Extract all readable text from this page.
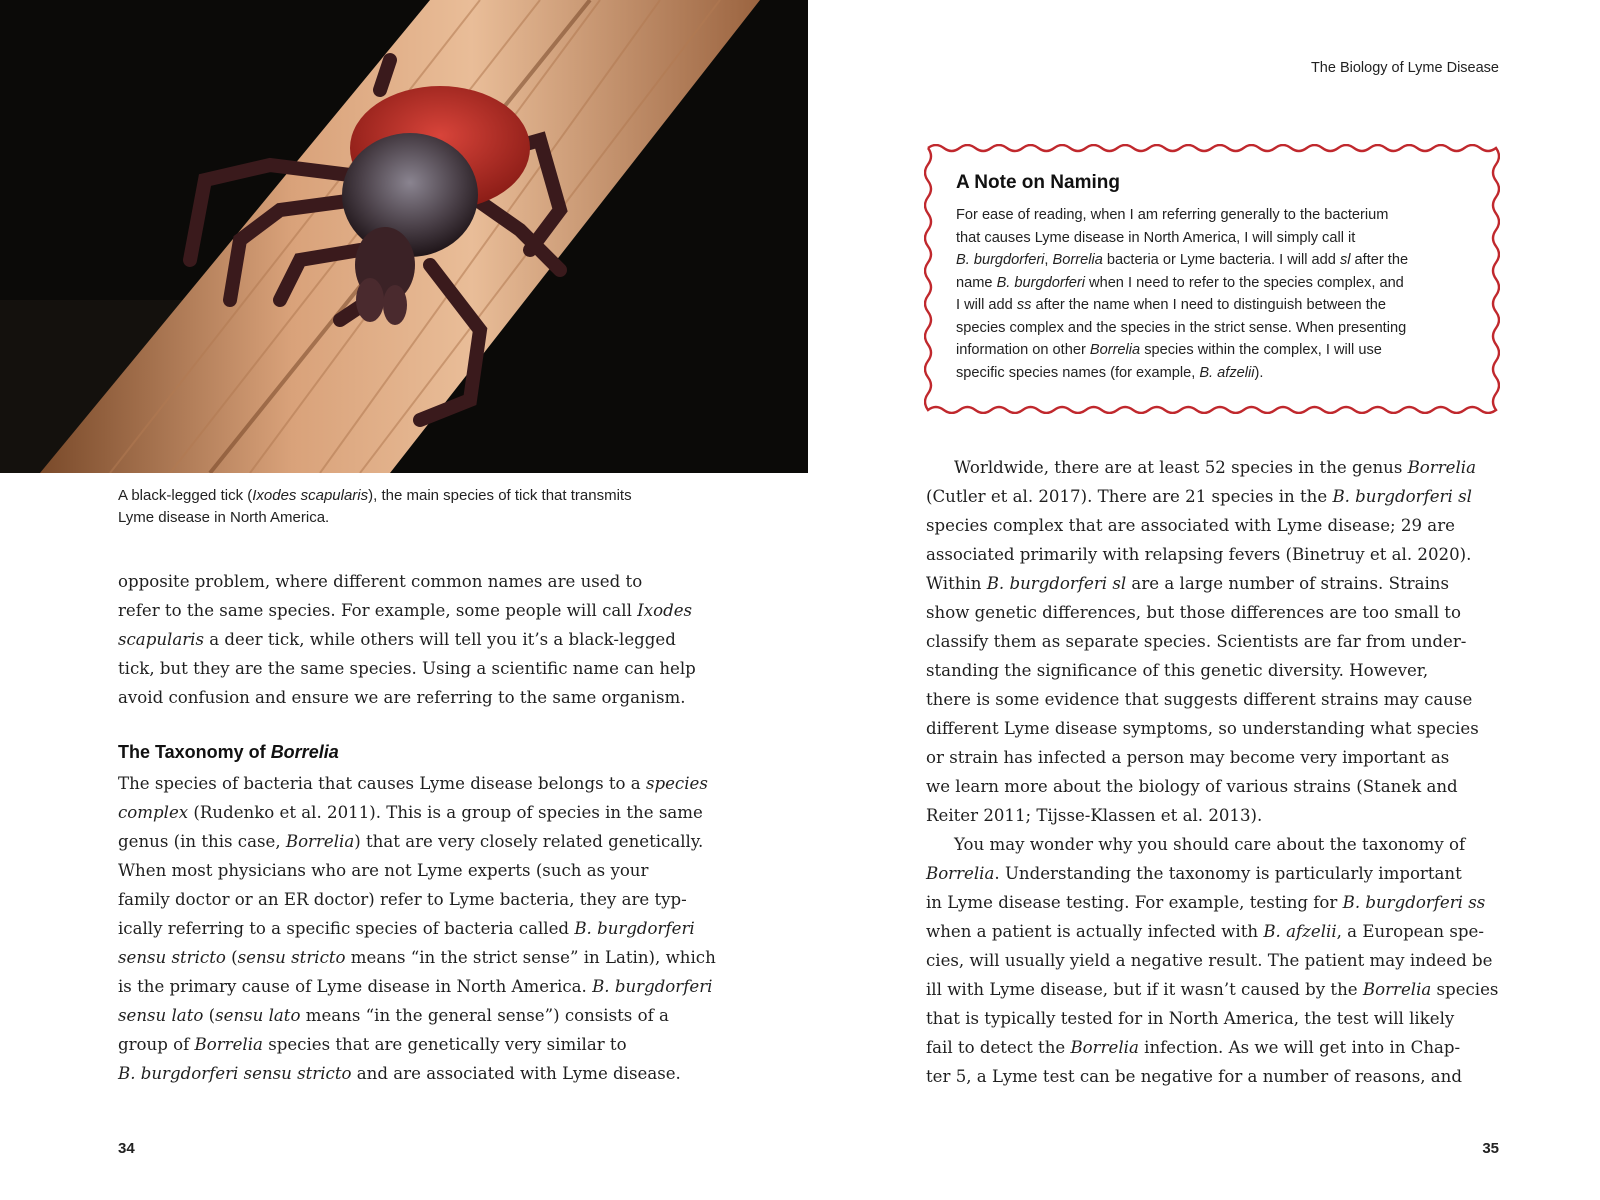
A black-legged tick (Ixodes scapularis), the main species of tick that transmits
Lyme disease in North America.
opposite problem, where different common names are used to
refer to the same species. For example, some people will call Ixodes
scapularis a deer tick, while others will tell you it’s a black-legged
tick, but they are the same species. Using a scientific name can help
avoid confusion and ensure we are referring to the same organism.
The Taxonomy of Borrelia
The species of bacteria that causes Lyme disease belongs to a species
complex (Rudenko et al. 2011). This is a group of species in the same
genus (in this case, Borrelia) that are very closely related genetically.
When most physicians who are not Lyme experts (such as your
family doctor or an ER doctor) refer to Lyme bacteria, they are typ-
ically referring to a specific species of bacteria called B. burgdorferi
sensu stricto (sensu stricto means “in the strict sense” in Latin), which
is the primary cause of Lyme disease in North America. B. burgdorferi
sensu lato (sensu lato means “in the general sense”) consists of a
group of Borrelia species that are genetically very similar to
B. burgdorferi sensu stricto and are associated with Lyme disease.
34
The Biology of Lyme Disease
A Note on Naming
For ease of reading, when I am referring generally to the bacterium
that causes Lyme disease in North America, I will simply call it
B. burgdorferi, Borrelia bacteria or Lyme bacteria. I will add sl after the
name B. burgdorferi when I need to refer to the species complex, and
I will add ss after the name when I need to distinguish between the
species complex and the species in the strict sense. When presenting
information on other Borrelia species within the complex, I will use
specific species names (for example, B. afzelii).
Worldwide, there are at least 52 species in the genus Borrelia
(Cutler et al. 2017). There are 21 species in the B. burgdorferi sl
species complex that are associated with Lyme disease; 29 are
associated primarily with relapsing fevers (Binetruy et al. 2020).
Within B. burgdorferi sl are a large number of strains. Strains
show genetic differences, but those differences are too small to
classify them as separate species. Scientists are far from under-
standing the significance of this genetic diversity. However,
there is some evidence that suggests different strains may cause
different Lyme disease symptoms, so understanding what species
or strain has infected a person may become very important as
we learn more about the biology of various strains (Stanek and
Reiter 2011; Tijsse-Klassen et al. 2013).
You may wonder why you should care about the taxonomy of
Borrelia. Understanding the taxonomy is particularly important
in Lyme disease testing. For example, testing for B. burgdorferi ss
when a patient is actually infected with B. afzelii, a European spe-
cies, will usually yield a negative result. The patient may indeed be
ill with Lyme disease, but if it wasn’t caused by the Borrelia species
that is typically tested for in North America, the test will likely
fail to detect the Borrelia infection. As we will get into in Chap-
ter 5, a Lyme test can be negative for a number of reasons, and
35
